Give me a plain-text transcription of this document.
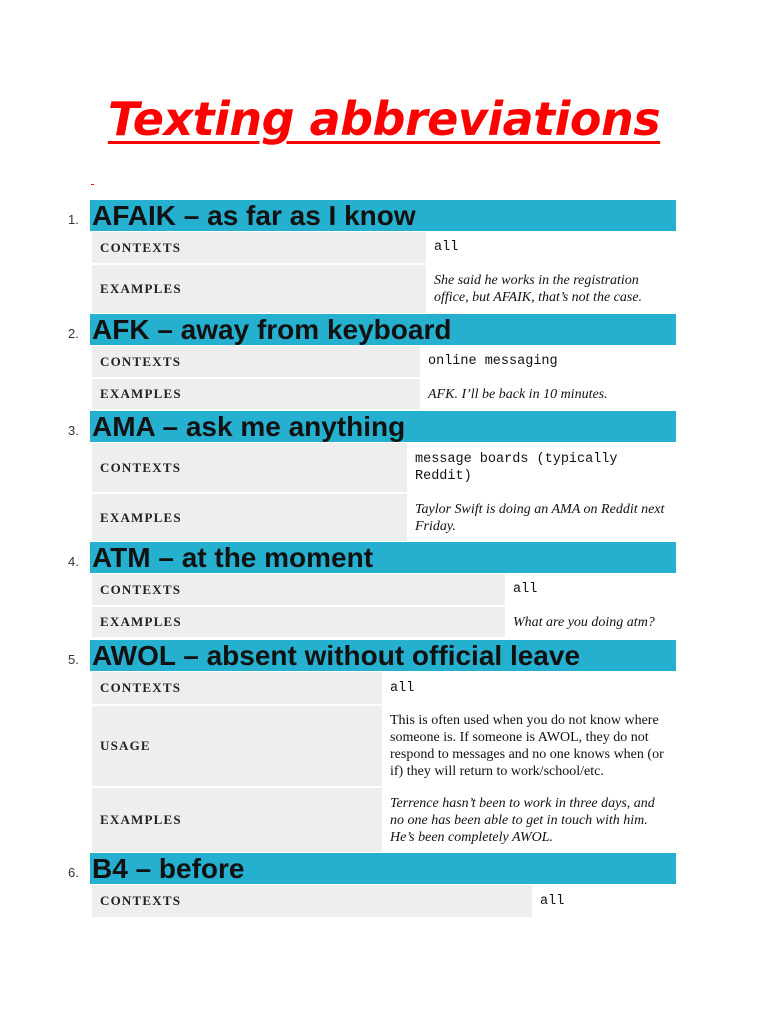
Texting abbreviations
1. AFAIK – as far as I know
CONTEXTS	all
EXAMPLES	She said he works in the registration office, but AFAIK, that’s not the case.
2. AFK – away from keyboard
CONTEXTS	online messaging
EXAMPLES	AFK. I’ll be back in 10 minutes.
3. AMA – ask me anything
CONTEXTS	message boards (typically Reddit)
EXAMPLES	Taylor Swift is doing an AMA on Reddit next Friday.
4. ATM – at the moment
CONTEXTS	all
EXAMPLES	What are you doing atm?
5. AWOL – absent without official leave
CONTEXTS	all
USAGE	This is often used when you do not know where someone is. If someone is AWOL, they do not respond to messages and no one knows when (or if) they will return to work/school/etc.
EXAMPLES	Terrence hasn’t been to work in three days, and no one has been able to get in touch with him. He’s been completely AWOL.
6. B4 – before
CONTEXTS	all
